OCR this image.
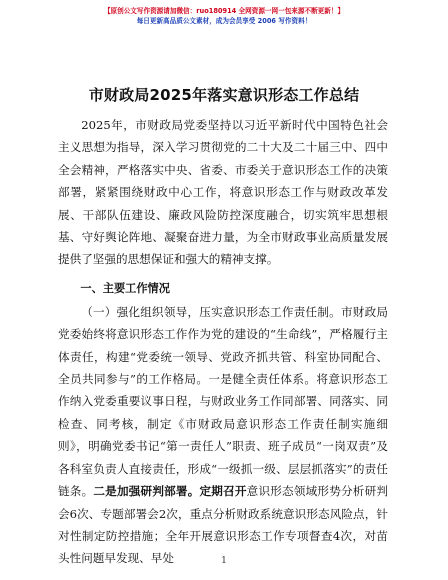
【原创公文写作资源请加微信：ruo180914 全网资源一网一包来源不断更新！】
每日更新高品质公文素材，成为会员享受 2006 写作资料！
市财政局2025年落实意识形态工作总结

2025年，市财政局党委坚持以习近平新时代中国特色社会主义思想为指导，深入学习贯彻党的二十大及二十届三中、四中全会精神，严格落实中央、省委、市委关于意识形态工作的决策部署，紧紧围绕财政中心工作，将意识形态工作与财政改革发展、干部队伍建设、廉政风险防控深度融合，切实筑牢思想根基、守好舆论阵地、凝聚奋进力量，为全市财政事业高质量发展提供了坚强的思想保证和强大的精神支撑。

一、主要工作情况

（一）强化组织领导，压实意识形态工作责任制。市财政局党委始终将意识形态工作作为党的建设的“生命线”，严格履行主体责任，构建“党委统一领导、党政齐抓共管、科室协同配合、全员共同参与”的工作格局。一是健全责任体系。将意识形态工作纳入党委重要议事日程，与财政业务工作同部署、同落实、同检查、同考核，制定《市财政局意识形态工作责任制实施细则》，明确党委书记“第一责任人”职责、班子成员“一岗双责”及各科室负责人直接责任，形成“一级抓一级、层层抓落实”的责任链条。二是加强研判部署。定期召开意识形态领域形势分析研判会6次、专题部署会2次，重点分析财政系统意识形态风险点，针对性制定防控措施；全年开展意识形态工作专项督查4次，对苗头性问题早发现、早处	1
